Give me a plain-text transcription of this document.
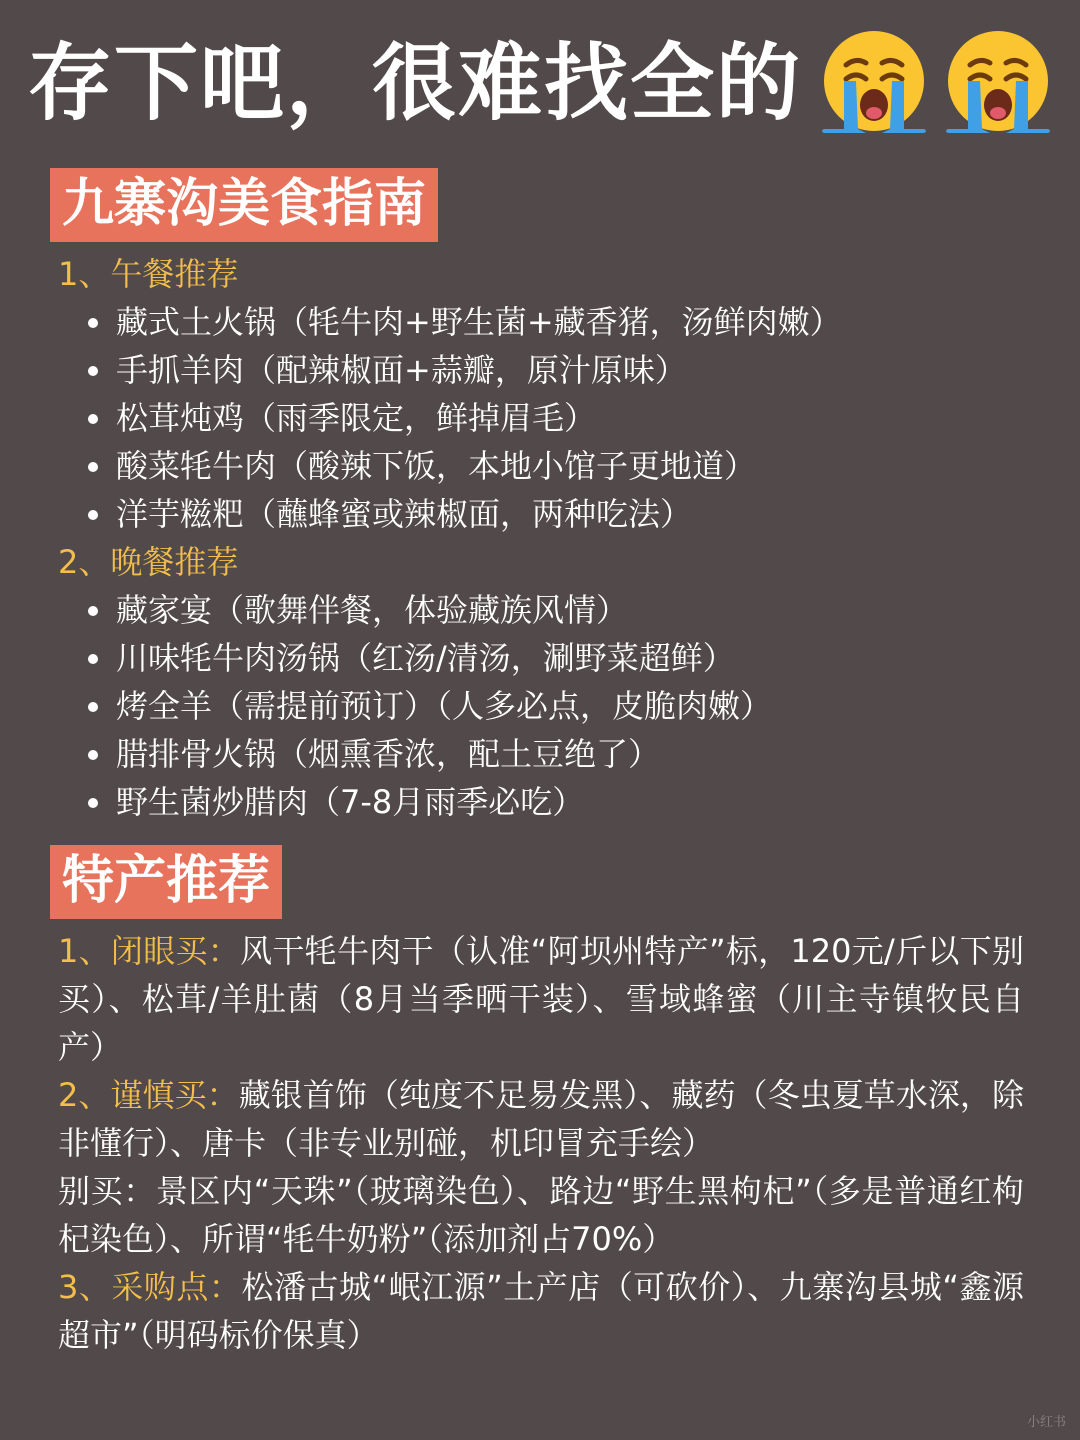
存下吧，很难找全的
九寨沟美食指南
1、午餐推荐
藏式土火锅（牦牛肉+野生菌+藏香猪，汤鲜肉嫩）
手抓羊肉（配辣椒面+蒜瓣，原汁原味）
松茸炖鸡（雨季限定，鲜掉眉毛）
酸菜牦牛肉（酸辣下饭，本地小馆子更地道）
洋芋糍粑（蘸蜂蜜或辣椒面，两种吃法）
2、晚餐推荐
藏家宴（歌舞伴餐，体验藏族风情）
川味牦牛肉汤锅（红汤/清汤，涮野菜超鲜）
烤全羊（需提前预订）（人多必点，皮脆肉嫩）
腊排骨火锅（烟熏香浓，配土豆绝了）
野生菌炒腊肉（7-8月雨季必吃）
特产推荐

1、闭眼买：风干牦牛肉干（认准“阿坝州特产”标，120元/斤以下别买）、松茸/羊肚菌（8月当季晒干装）、雪域蜂蜜（川主寺镇牧民自产）

2、谨慎买：藏银首饰（纯度不足易发黑）、藏药（冬虫夏草水深，除非懂行）、唐卡（非专业别碰，机印冒充手绘）

别买：景区内“天珠”（玻璃染色）、路边“野生黑枸杞”（多是普通红枸杞染色）、所谓“牦牛奶粉”（添加剂占70%）

3、采购点：松潘古城“岷江源”土产店（可砍价）、九寨沟县城“鑫源超市”（明码标价保真）

小红书
